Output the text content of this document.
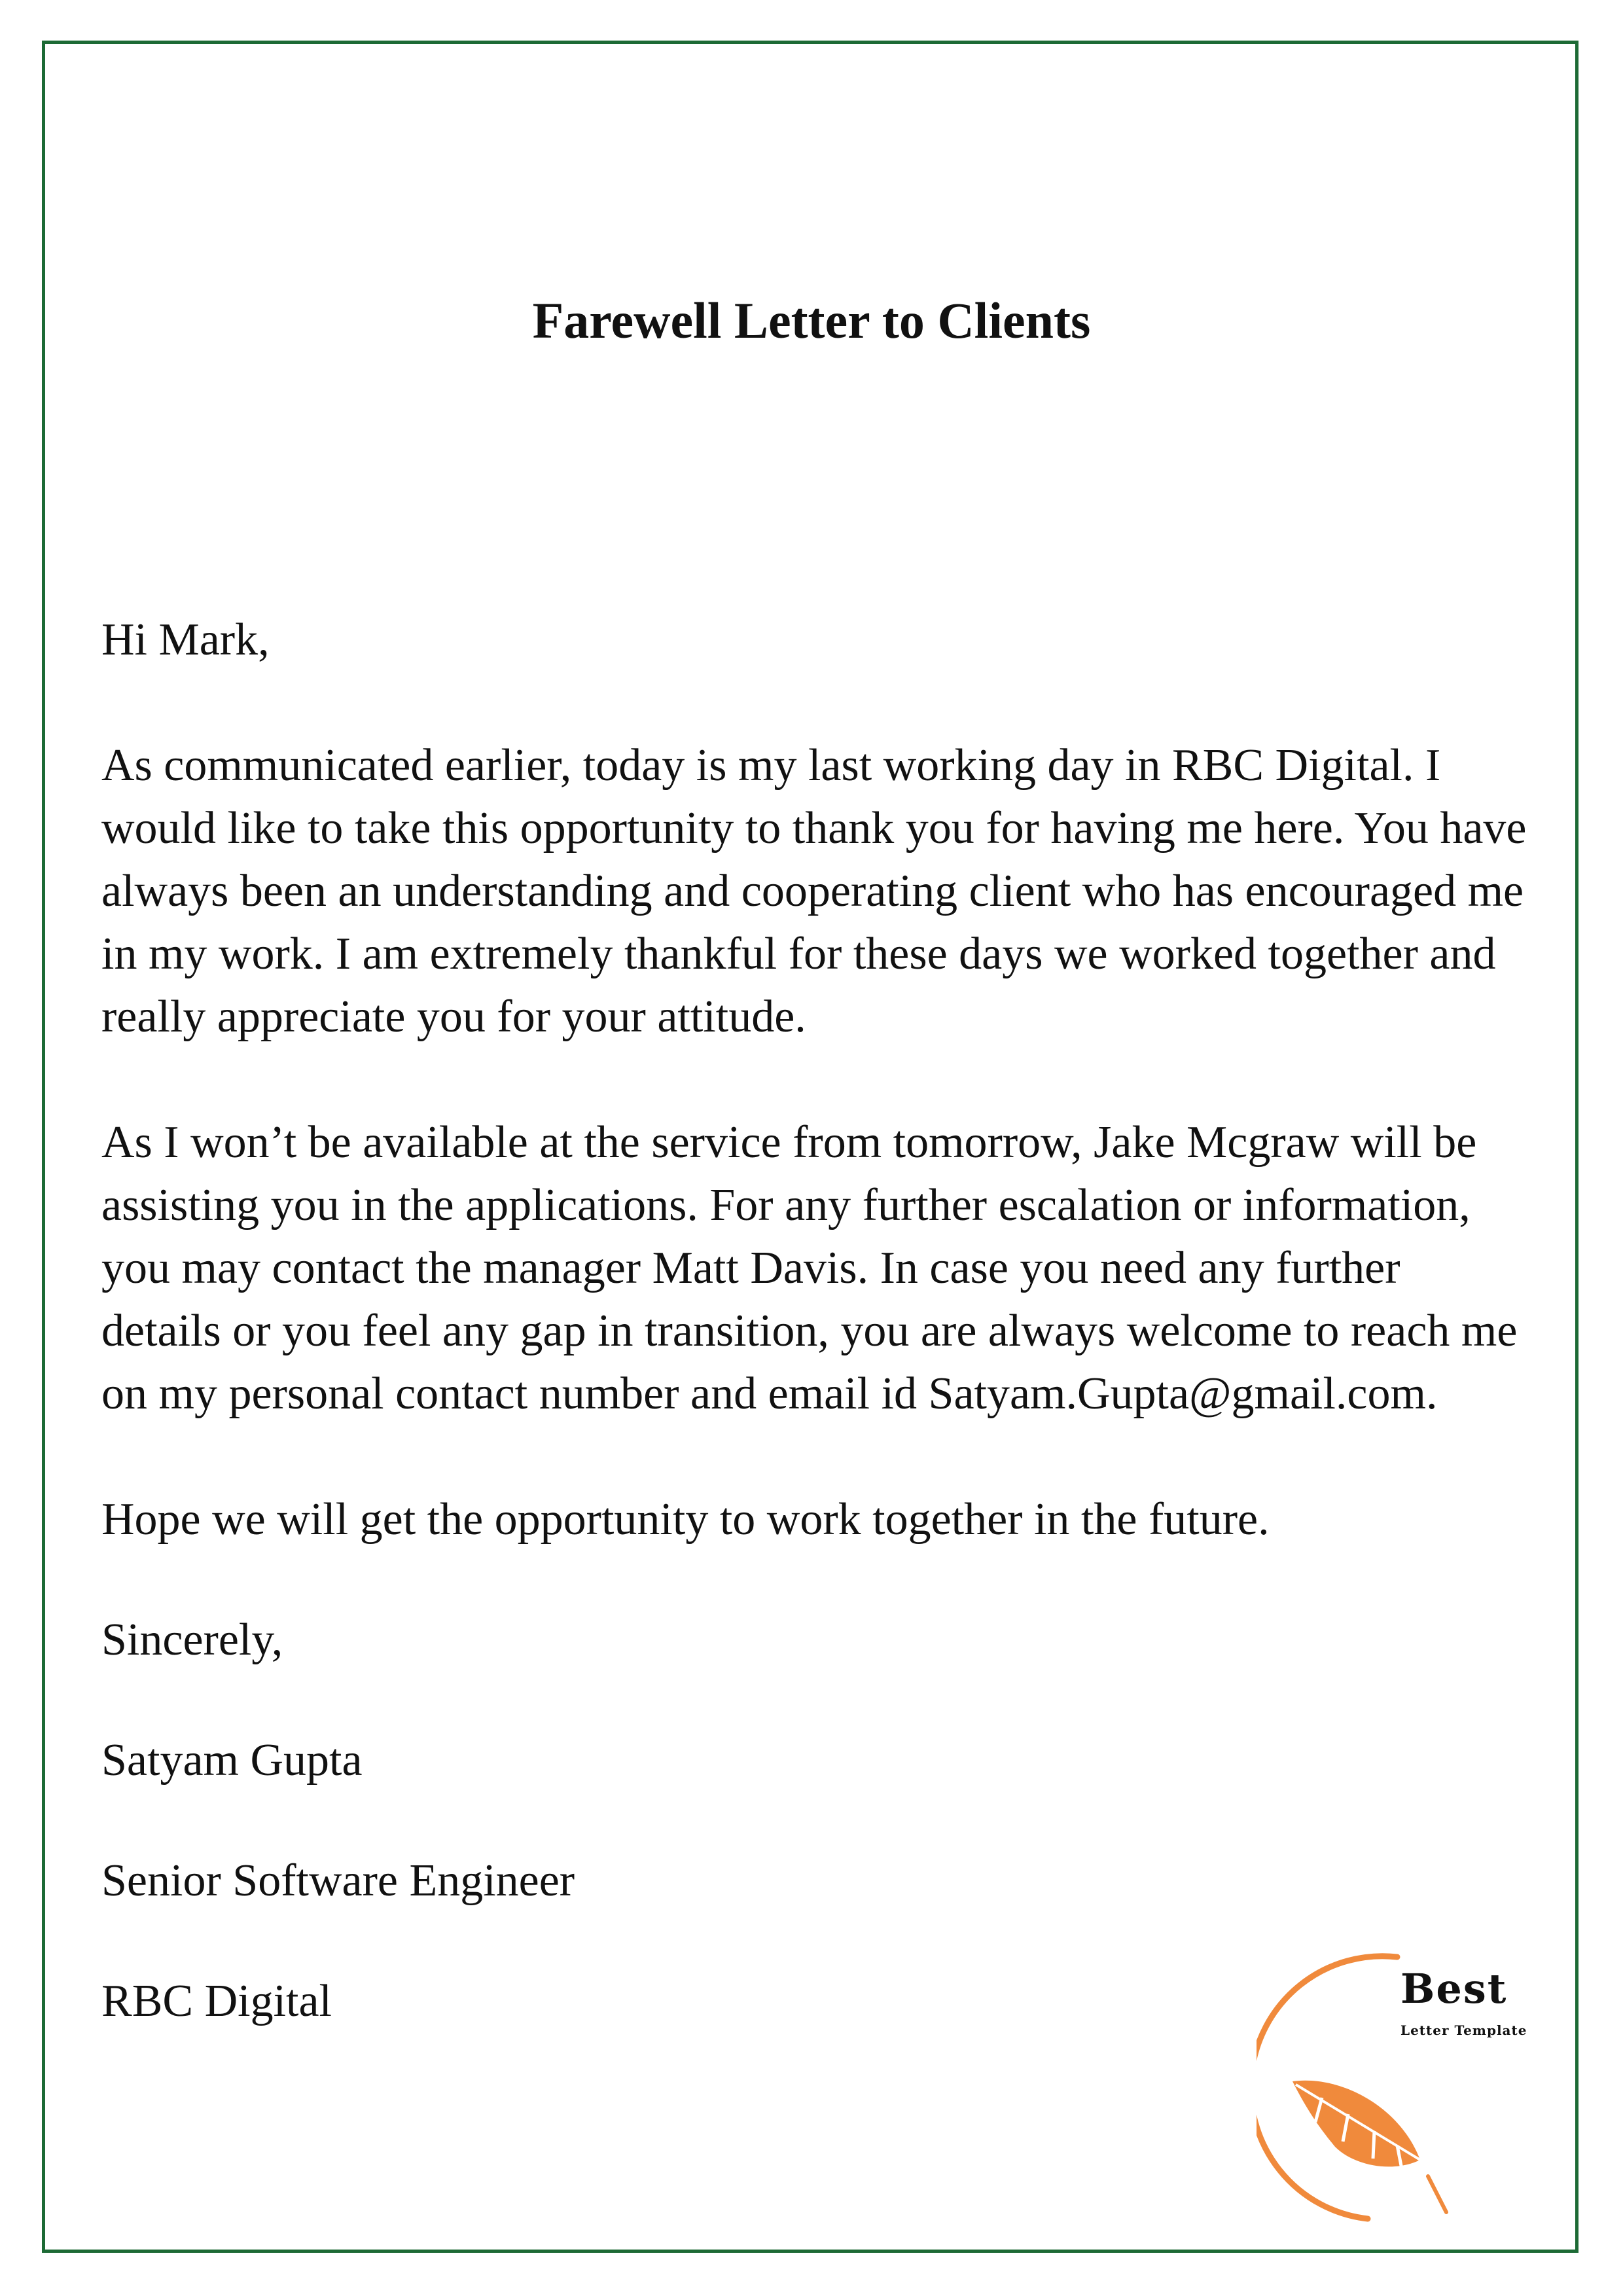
Farewell Letter to Clients

Hi Mark,

As communicated earlier, today is my last working day in RBC Digital. I would like to take this opportunity to thank you for having me here. You have always been an understanding and cooperating client who has encouraged me in my work. I am extremely thankful for these days we worked together and really appreciate you for your attitude.

As I won’t be available at the service from tomorrow, Jake Mcgraw will be assisting you in the applications. For any further escalation or information, you may contact the manager Matt Davis. In case you need any further details or you feel any gap in transition, you are always welcome to reach me on my personal contact number and email id Satyam.Gupta@gmail.com.

Hope we will get the opportunity to work together in the future.

Sincerely,

Satyam Gupta

Senior Software Engineer

RBC Digital	Best
Letter Template
